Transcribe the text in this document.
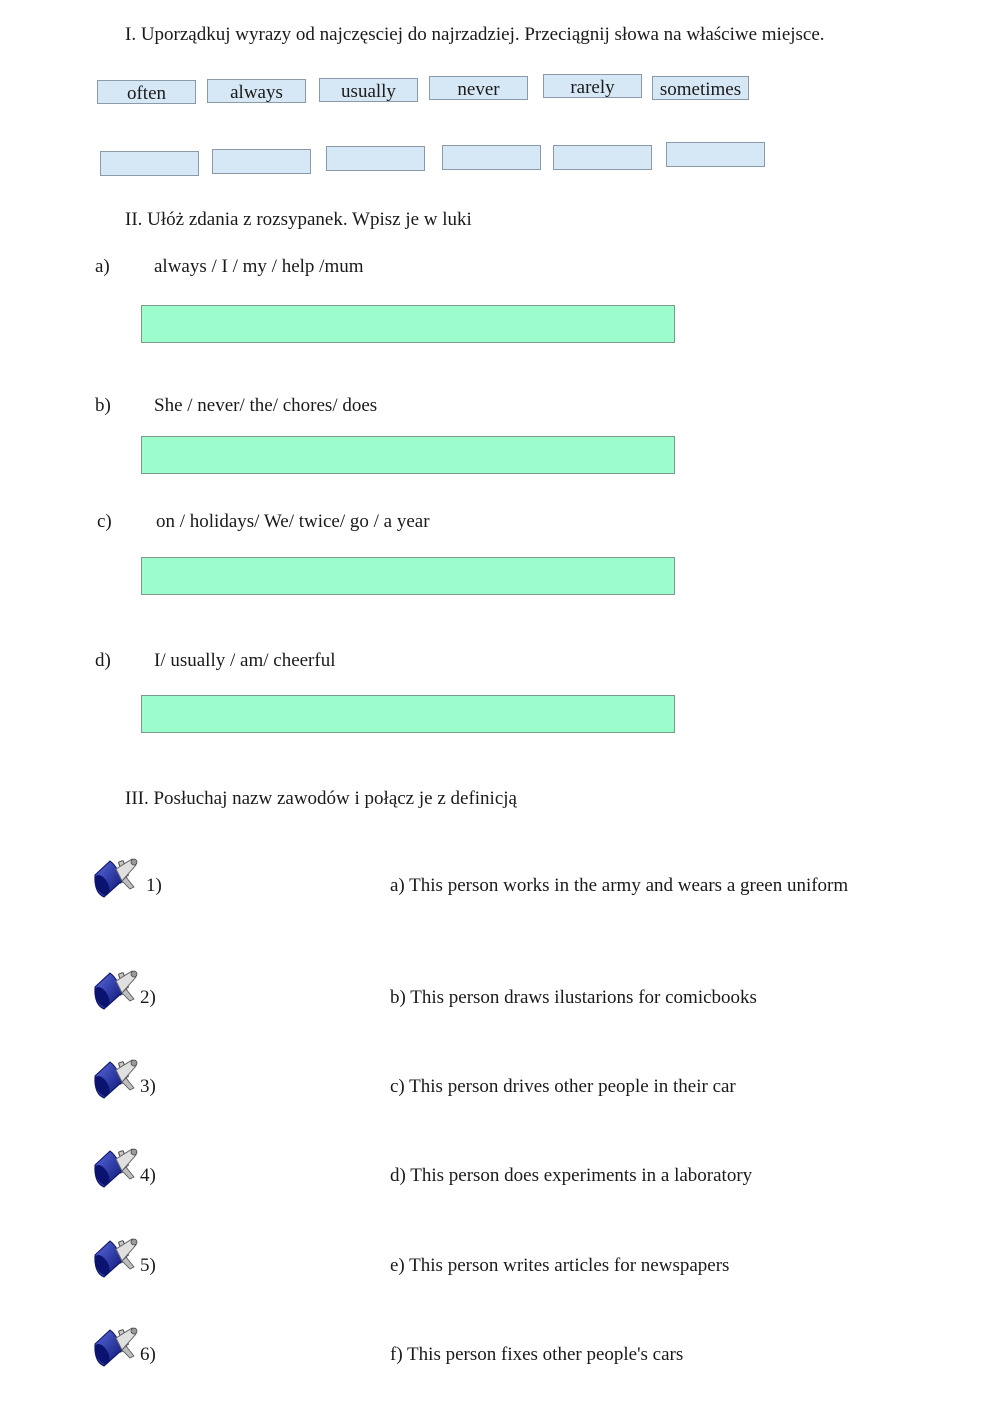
I. Uporządkuj wyrazy od najczęsciej do najrzadziej. Przeciągnij słowa na właściwe miejsce.
often	always	usually	never	rarely	sometimes
II. Ułóż zdania z rozsypanek. Wpisz je w luki
a) always / I / my / help /mum
b) She / never/ the/ chores/ does
c) on / holidays/ We/ twice/ go / a year
d) I/ usually / am/ cheerful
III. Posłuchaj nazw zawodów i połącz je z definicją
1)	a) This person works in the army and wears a green uniform
2)	b) This person draws ilustarions for comicbooks
3)	c) This person drives other people in their car
4)	d) This person does experiments in a laboratory
5)	e) This person writes articles for newspapers
6)	f) This person fixes other people's cars
